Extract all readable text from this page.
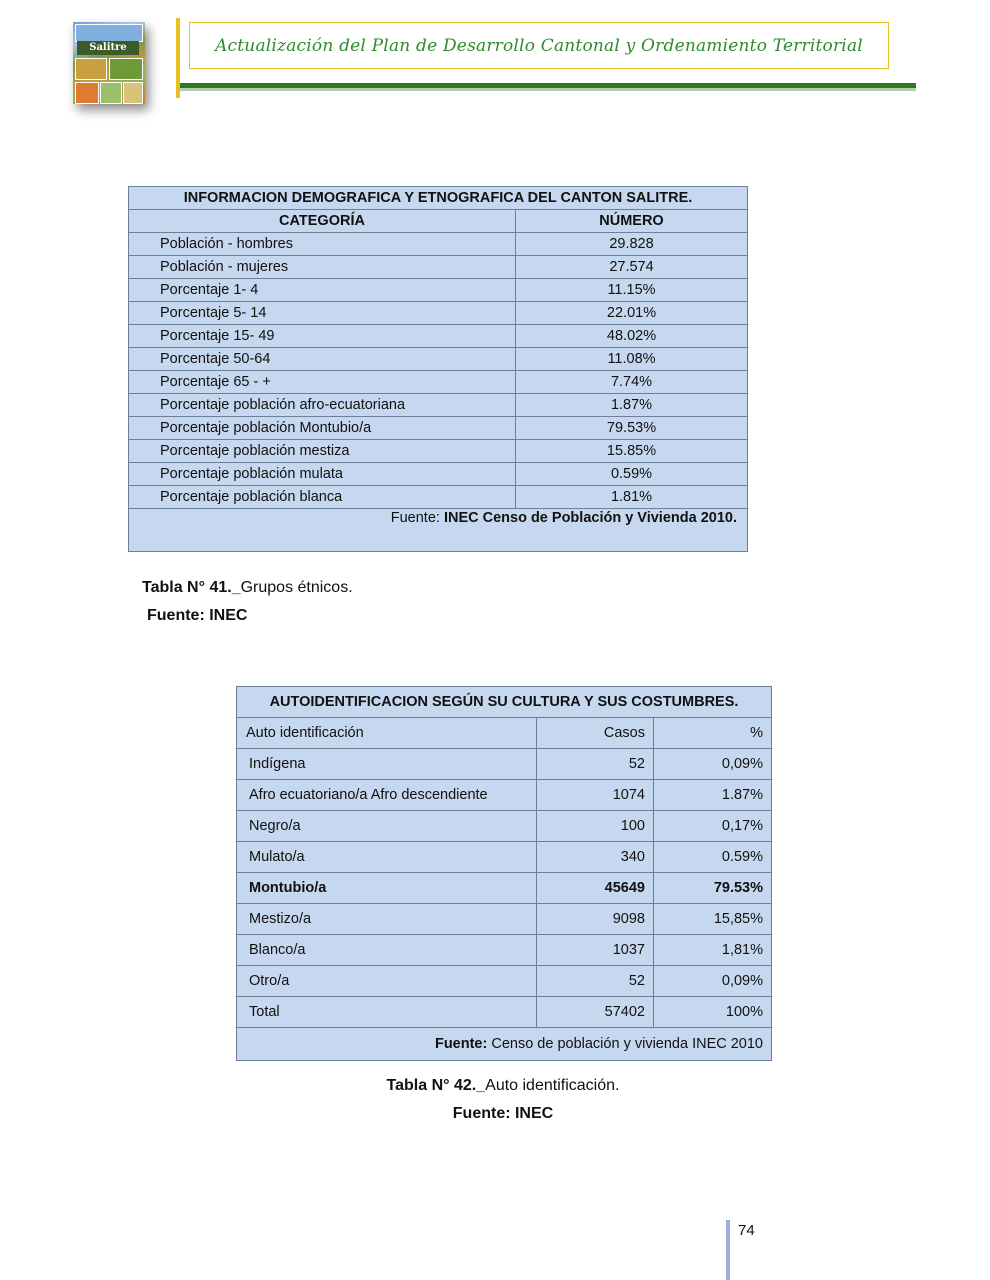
Salitre	Actualización del Plan de Desarrollo Cantonal y Ordenamiento Territorial
INFORMACION DEMOGRAFICA Y ETNOGRAFICA DEL CANTON SALITRE.	
CATEGORÍA	NÚMERO
Población - hombres	29.828
Población - mujeres	27.574
Porcentaje 1- 4	11.15%
Porcentaje 5- 14	22.01%
Porcentaje 15- 49	48.02%
Porcentaje 50-64	11.08%
Porcentaje 65 - +	7.74%
Porcentaje población afro-ecuatoriana	1.87%
Porcentaje población Montubio/a	79.53%
Porcentaje población mestiza	15.85%
Porcentaje población mulata	0.59%
Porcentaje población blanca	1.81%
Fuente: INEC Censo de Población y Vivienda 2010.	
Tabla N° 41._Grupos étnicos.
Fuente: INEC
AUTOIDENTIFICACION SEGÚN SU CULTURA Y SUS COSTUMBRES.		
Auto identificación	Casos	%
Indígena	52	0,09%
Afro ecuatoriano/a Afro descendiente	1074	1.87%
Negro/a	100	0,17%
Mulato/a	340	0.59%
Montubio/a	45649	79.53%
Mestizo/a	9098	15,85%
Blanco/a	1037	1,81%
Otro/a	52	0,09%
Total	57402	100%
Fuente: Censo de población y vivienda INEC 2010		
Tabla N° 42._Auto identificación.
Fuente: INEC
74
